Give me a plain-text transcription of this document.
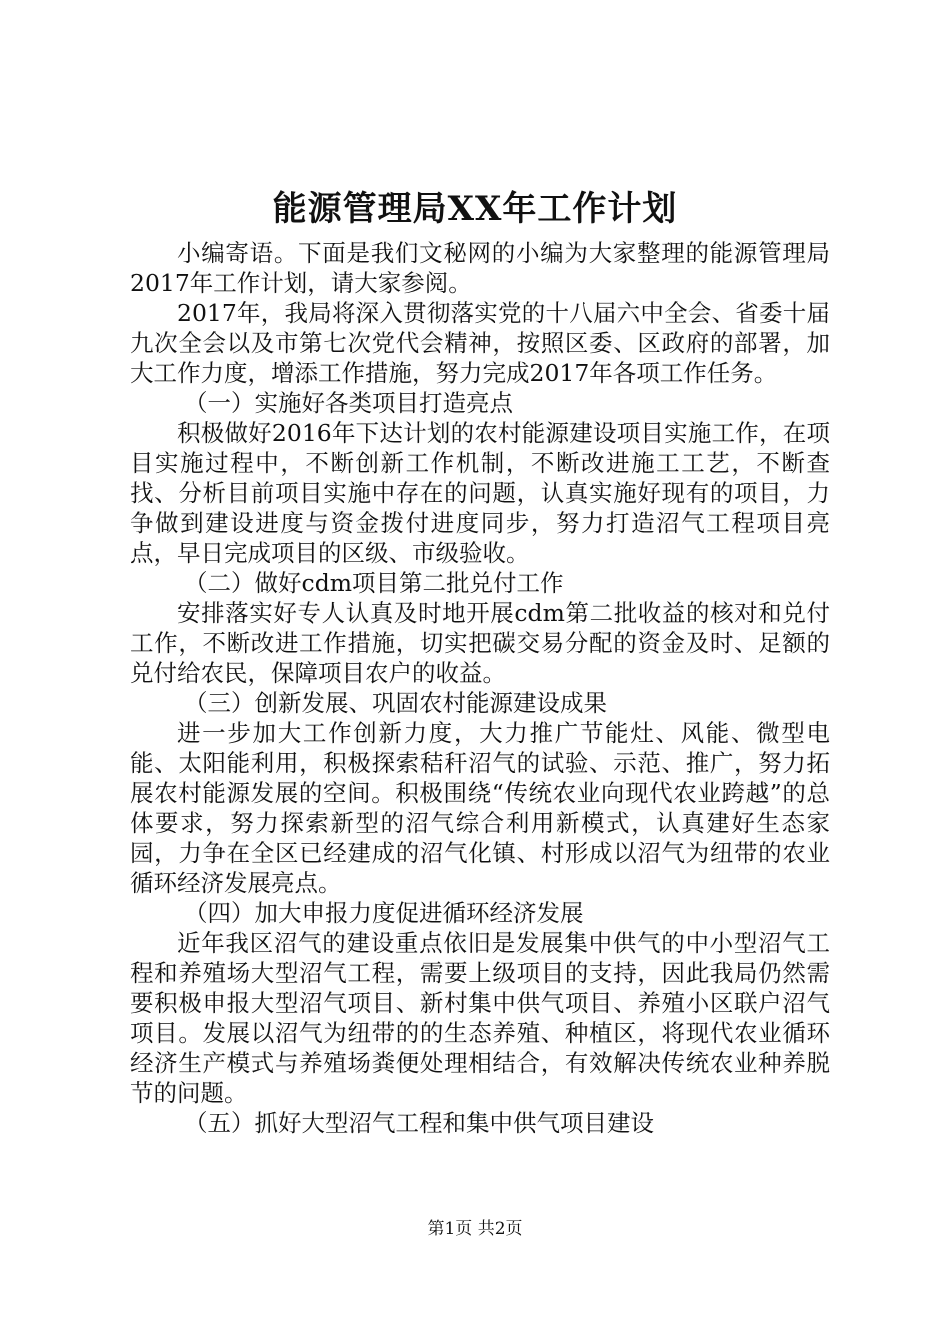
能源管理局XX年工作计划

小编寄语。下面是我们文秘网的小编为大家整理的能源管理局2017年工作计划，请大家参阅。

2017年，我局将深入贯彻落实党的十八届六中全会、省委十届九次全会以及市第七次党代会精神，按照区委、区政府的部署，加大工作力度，增添工作措施，努力完成2017年各项工作任务。

（一）实施好各类项目打造亮点

积极做好2016年下达计划的农村能源建设项目实施工作，在项目实施过程中，不断创新工作机制，不断改进施工工艺，不断查找、分析目前项目实施中存在的问题，认真实施好现有的项目，力争做到建设进度与资金拨付进度同步，努力打造沼气工程项目亮点，早日完成项目的区级、市级验收。

（二）做好cdm项目第二批兑付工作

安排落实好专人认真及时地开展cdm第二批收益的核对和兑付工作，不断改进工作措施，切实把碳交易分配的资金及时、足额的兑付给农民，保障项目农户的收益。

（三）创新发展、巩固农村能源建设成果

进一步加大工作创新力度，大力推广节能灶、风能、微型电能、太阳能利用，积极探索秸秆沼气的试验、示范、推广，努力拓展农村能源发展的空间。积极围绕“传统农业向现代农业跨越”的总体要求，努力探索新型的沼气综合利用新模式，认真建好生态家园，力争在全区已经建成的沼气化镇、村形成以沼气为纽带的农业循环经济发展亮点。

（四）加大申报力度促进循环经济发展

近年我区沼气的建设重点依旧是发展集中供气的中小型沼气工程和养殖场大型沼气工程，需要上级项目的支持，因此我局仍然需要积极申报大型沼气项目、新村集中供气项目、养殖小区联户沼气项目。发展以沼气为纽带的的生态养殖、种植区，将现代农业循环经济生产模式与养殖场粪便处理相结合，有效解决传统农业种养脱节的问题。

（五）抓好大型沼气工程和集中供气项目建设

第1页 共2页
